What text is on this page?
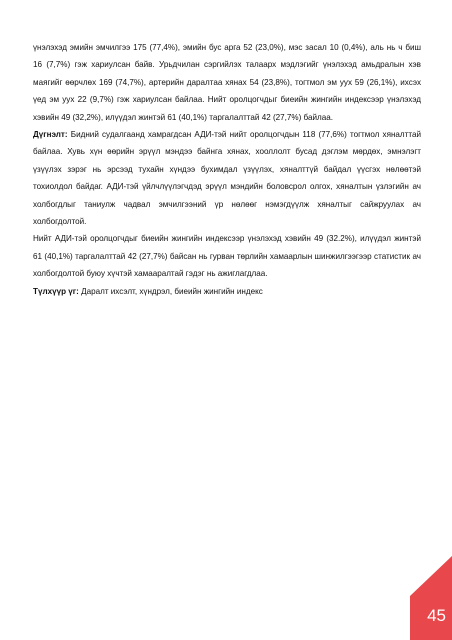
үнэлэхэд эмийн эмчилгээ 175 (77,4%), эмийн бус арга 52 (23,0%), мэс засал 10 (0,4%), аль нь ч биш 16 (7,7%) гэж хариулсан байв. Урьдчилан сэргийлэх талаарх мэдлэгийг үнэлэхэд амьдралын хэв маягийг өөрчлөх 169 (74,7%), артерийн даралтаа хянах 54 (23,8%), тогтмол эм уух 59 (26,1%), ихсэх үед эм уух 22 (9,7%) гэж хариулсан байлаа. Нийт оролцогчдыг биеийн жингийн индексээр үнэлэхэд хэвийн 49 (32,2%), илүүдэл жинтэй 61 (40,1%) таргалалттай 42 (27,7%) байлаа.

Дүгнэлт: Бидний судалгаанд хамрагдсан АДИ-тэй нийт оролцогчдын 118 (77,6%) тогтмол хяналттай байлаа. Хувь хүн өөрийн эрүүл мэндээ байнга хянах, хооллолт бусад дэглэм мөрдөх, эмнэлэгт үзүүлэх зэрэг нь эрсээд тухайн хүндээ бухимдал үзүүлэх, хяналттүй байдал үүсгэх нөлөөтэй тохиолдол байдаг. АДИ-тэй үйлчлүүлэгчдэд эрүүл мэндийн боловсрол олгох, хяналтын үзлэгийн ач холбогдлыг таниулж чадвал эмчилгээний үр нөлөөг нэмэгдүүлж хяналтыг сайжруулах ач холбогдолтой.

Нийт АДИ-тэй оролцогчдыг биеийн жингийн индексээр үнэлэхэд хэвийн 49 (32.2%), илүүдэл жинтэй 61 (40,1%) таргалалттай 42 (27,7%) байсан нь гурван төрлийн хамаарлын шинжилгээгээр статистик ач холбогдолтой буюу хүчтэй хамааралтай гэдэг нь ажиглагдлаа.

Түлхүүр үг: Даралт ихсэлт, хүндрэл, биеийн жингийн индекс

45
